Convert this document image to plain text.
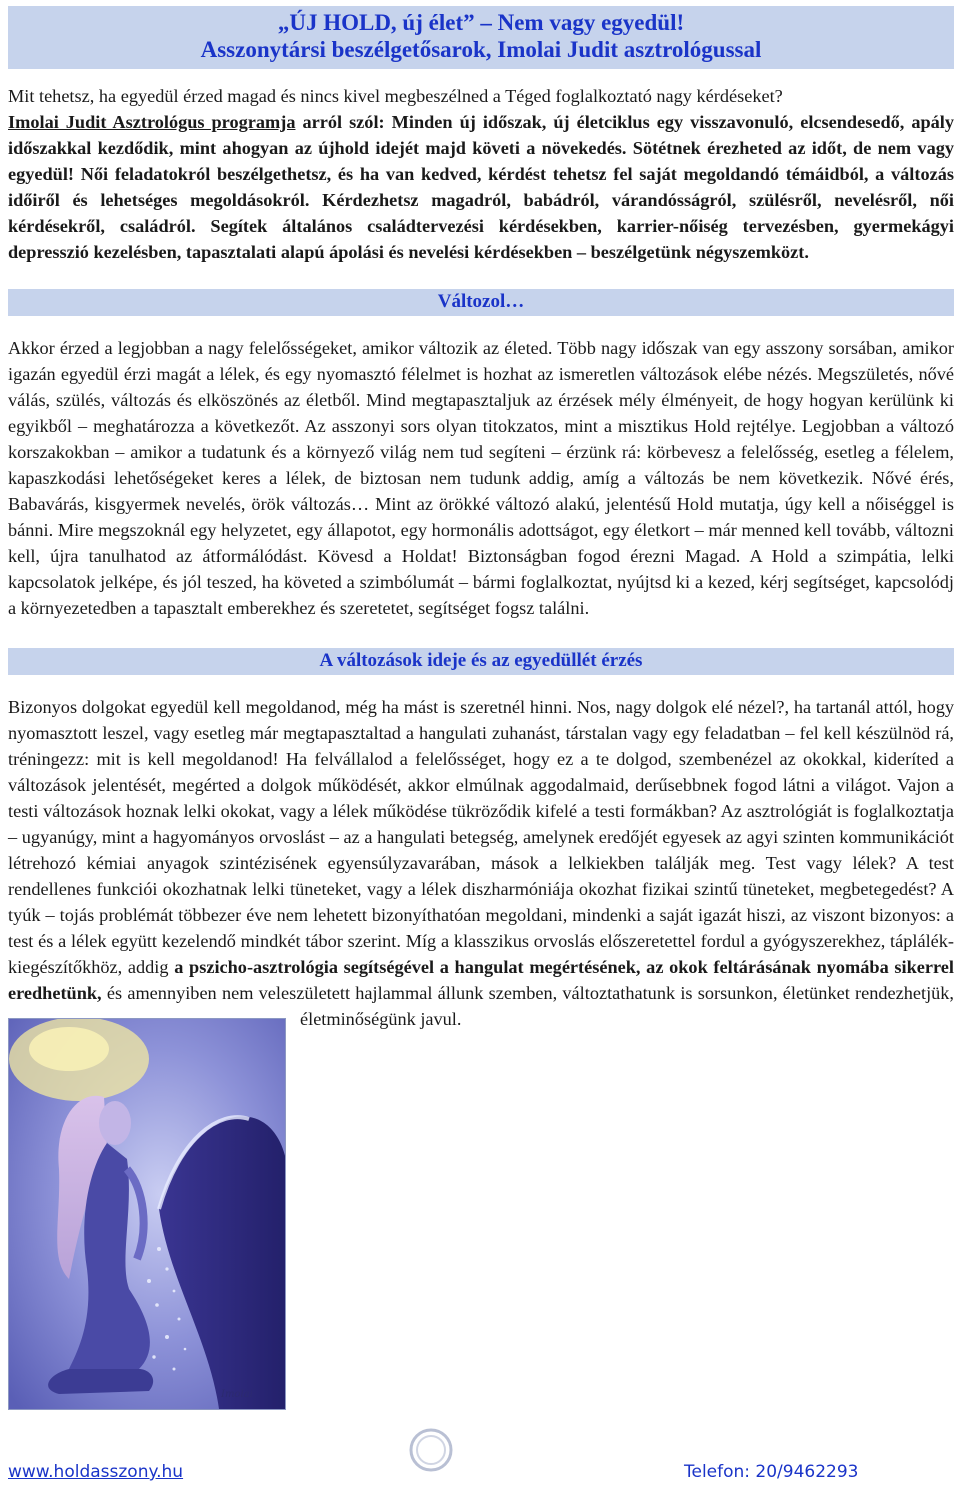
„ÚJ HOLD, új élet” – Nem vagy egyedül!
Asszonytársi beszélgetősarok, Imolai Judit asztrológussal

Mit tehetsz, ha egyedül érzed magad és nincs kivel megbeszélned a Téged foglalkoztató nagy kérdéseket?

Imolai Judit Asztrológus programja arról szól: Minden új időszak, új életciklus egy visszavonuló, elcsendesedő, apály időszakkal kezdődik, mint ahogyan az újhold idejét majd követi a növekedés. Sötétnek érezheted az időt, de nem vagy egyedül! Női feladatokról beszélgethetsz, és ha van kedved, kérdést tehetsz fel saját megoldandó témáidból, a változás időiről és lehetséges megoldásokról. Kérdezhetsz magadról, babádról, várandósságról, szülésről, nevelésről, női kérdésekről, családról. Segítek általános családtervezési kérdésekben, karrier-nőiség tervezésben, gyermekágyi depresszió kezelésben, tapasztalati alapú ápolási és nevelési kérdésekben – beszélgetünk négyszemközt.

Változol…

Akkor érzed a legjobban a nagy felelősségeket, amikor változik az életed. Több nagy időszak van egy asszony sorsában, amikor igazán egyedül érzi magát a lélek, és egy nyomasztó félelmet is hozhat az ismeretlen változások elébe nézés. Megszületés, nővé válás, szülés, változás és elköszönés az életből. Mind megtapasztaljuk az érzések mély élményeit, de hogy hogyan kerülünk ki egyikből – meghatározza a következőt. Az asszonyi sors olyan titokzatos, mint a misztikus Hold rejtélye. Legjobban a változó korszakokban – amikor a tudatunk és a környező világ nem tud segíteni – érzünk rá: körbevesz a felelősség, esetleg a félelem, kapaszkodási lehetőségeket keres a lélek, de biztosan nem tudunk addig, amíg a változás be nem következik. Nővé érés, Babavárás, kisgyermek nevelés, örök változás… Mint az örökké változó alakú, jelentésű Hold mutatja, úgy kell a nőiséggel is bánni. Mire megszoknál egy helyzetet, egy állapotot, egy hormonális adottságot, egy életkort – már menned kell tovább, változni kell, újra tanulhatod az átformálódást. Kövesd a Holdat! Biztonságban fogod érezni Magad. A Hold a szimpátia, lelki kapcsolatok jelképe, és jól teszed, ha követed a szimbólumát – bármi foglalkoztat, nyújtsd ki a kezed, kérj segítséget, kapcsolódj a környezetedben a tapasztalt emberekhez és szeretetet, segítséget fogsz találni.

A változások ideje és az egyedüllét érzés

Bizonyos dolgokat egyedül kell megoldanod, még ha mást is szeretnél hinni. Nos, nagy dolgok elé nézel?, ha tartanál attól, hogy nyomasztott leszel, vagy esetleg már megtapasztaltad a hangulati zuhanást, társtalan vagy egy feladatban – fel kell készülnöd rá, tréningezz: mit is kell megoldanod! Ha felvállalod a felelősséget, hogy ez a te dolgod, szembenézel az okokkal, kideríted a változások jelentését, megérted a dolgok működését, akkor elmúlnak aggodalmaid, derűsebbnek fogod látni a világot. Vajon a testi változások hoznak lelki okokat, vagy a lélek működése tükröződik kifelé a testi formákban? Az asztrológiát is foglalkoztatja – ugyanúgy, mint a hagyományos orvoslást – az a hangulati betegség, amelynek eredőjét egyesek az agyi szinten kommunikációt létrehozó kémiai anyagok szintézisének egyensúlyzavarában, mások a lelkiekben találják meg. Test vagy lélek? A test rendellenes funkciói okozhatnak lelki tüneteket, vagy a lélek diszharmóniája okozhat fizikai szintű tüneteket, megbetegedést? A tyúk – tojás problémát többezer éve nem lehetett bizonyíthatóan megoldani, mindenki a saját igazát hiszi, az viszont bizonyos: a test és a lélek együtt kezelendő mindkét tábor szerint. Míg a klasszikus orvoslás előszeretettel fordul a gyógyszerekhez, táplálék-kiegészítőkhöz, addig a pszicho-asztrológia segítségével a hangulat megértésének, az okok feltárásának nyomába sikerrel eredhetünk, és amennyiben nem veleszületett hajlammal állunk szemben, változtathatunk is sorsunkon, életünket rendezhetjük, életminőségünk javul.

Imolai
www.holdasszony.hu	Telefon: 20/9462293
